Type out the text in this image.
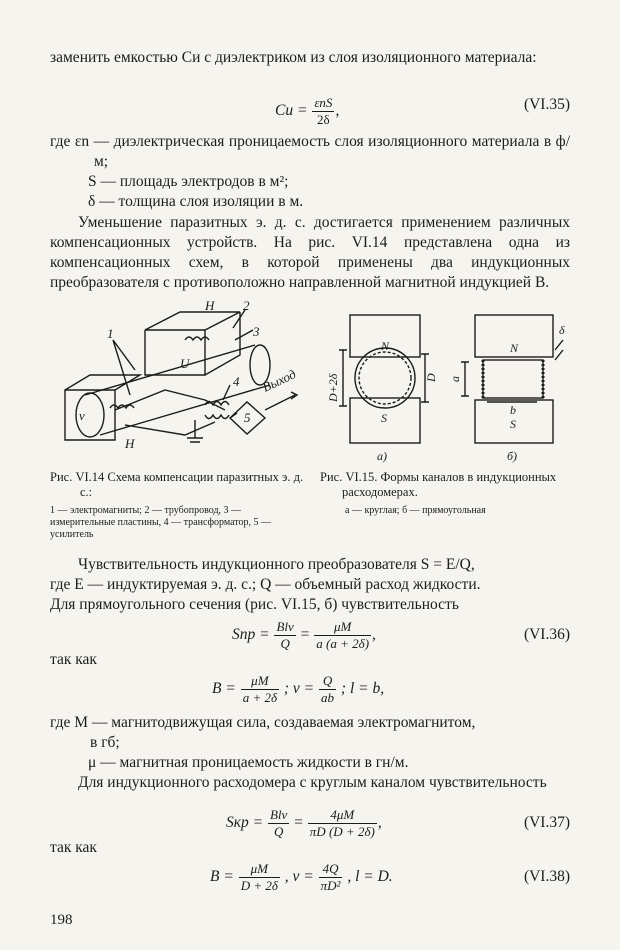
заменить емкостью Cи с диэлектриком из слоя изоляционного материала:

Cи = $\frac{\text{εnS}}{2\delta}$ ,	(VI.35)

где εn — диэлектрическая проницаемость слоя изоляционного материала в ф/м;

S — площадь электродов в м²;
δ — толщина слоя изоляции в м.

Уменьшение паразитных э. д. с. достигается применением различных компенсационных устройств. На рис. VI.14 представлена одна из компенсационных схем, в которой применены два индукционных преобразователя с противоположно направленной магнитной индукцией B.

1
2
3
4
5
H
H
v
U
Выход
N
S
D+2δ	D
N
S
a
b
δ
а)	б)
Рис. VI.14 Схема компенсации паразитных э. д. с.:
1 — электромагниты; 2 — трубопровод, 3 — измерительные пластины, 4 — трансформатор, 5 — усилитель
Рис. VI.15. Формы каналов в индукционных расходомерах.
а — круглая; б — прямоугольная
Чувствительность индукционного преобразователя S = E/Q,
где E — индуктируемая э. д. с.; Q — объемный расход жидкости.
Для прямоугольного сечения (рис. VI.15, б) чувствительность
Sпр = $\frac{\text{Blv}}{Q} = \frac{\mu M}{a (a + 2\delta)}$ ,	(VI.36)
так как
$B = \frac{\mu M}{a + 2\delta}$ ; $v = \frac{Q}{ab}$ ; l = b,
где M — магнитодвижущая сила, создаваемая электромагнитом,
в гб;
μ — магнитная проницаемость жидкости в гн/м.

Для индукционного расходомера с круглым каналом чувствительность

Sкр = $\frac{\text{Blv}}{Q} = \frac{4\mu M}{\pi D (D + 2\delta)}$ ,	(VI.37)
так как
$B = \frac{\mu M}{D + 2\delta}$ , $v = \frac{4Q}{\text{πD²}}$ , l = D.	(VI.38)
198
